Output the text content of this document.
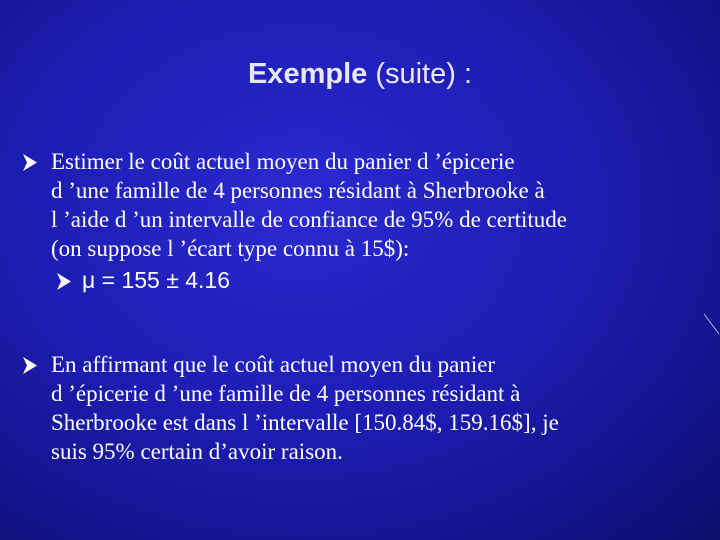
Exemple (suite) :
Estimer le coût actuel moyen du panier d ’épicerie
d ’une famille de 4 personnes résidant à Sherbrooke à
l ’aide d ’un intervalle de confiance de 95% de certitude
(on suppose l ’écart type connu à 15$):
μ = 155 ± 4.16
En affirmant que le coût actuel moyen du panier
d ’épicerie d ’une famille de 4 personnes résidant à
Sherbrooke est dans l ’intervalle [150.84$, 159.16$], je
suis 95% certain d’avoir raison.
